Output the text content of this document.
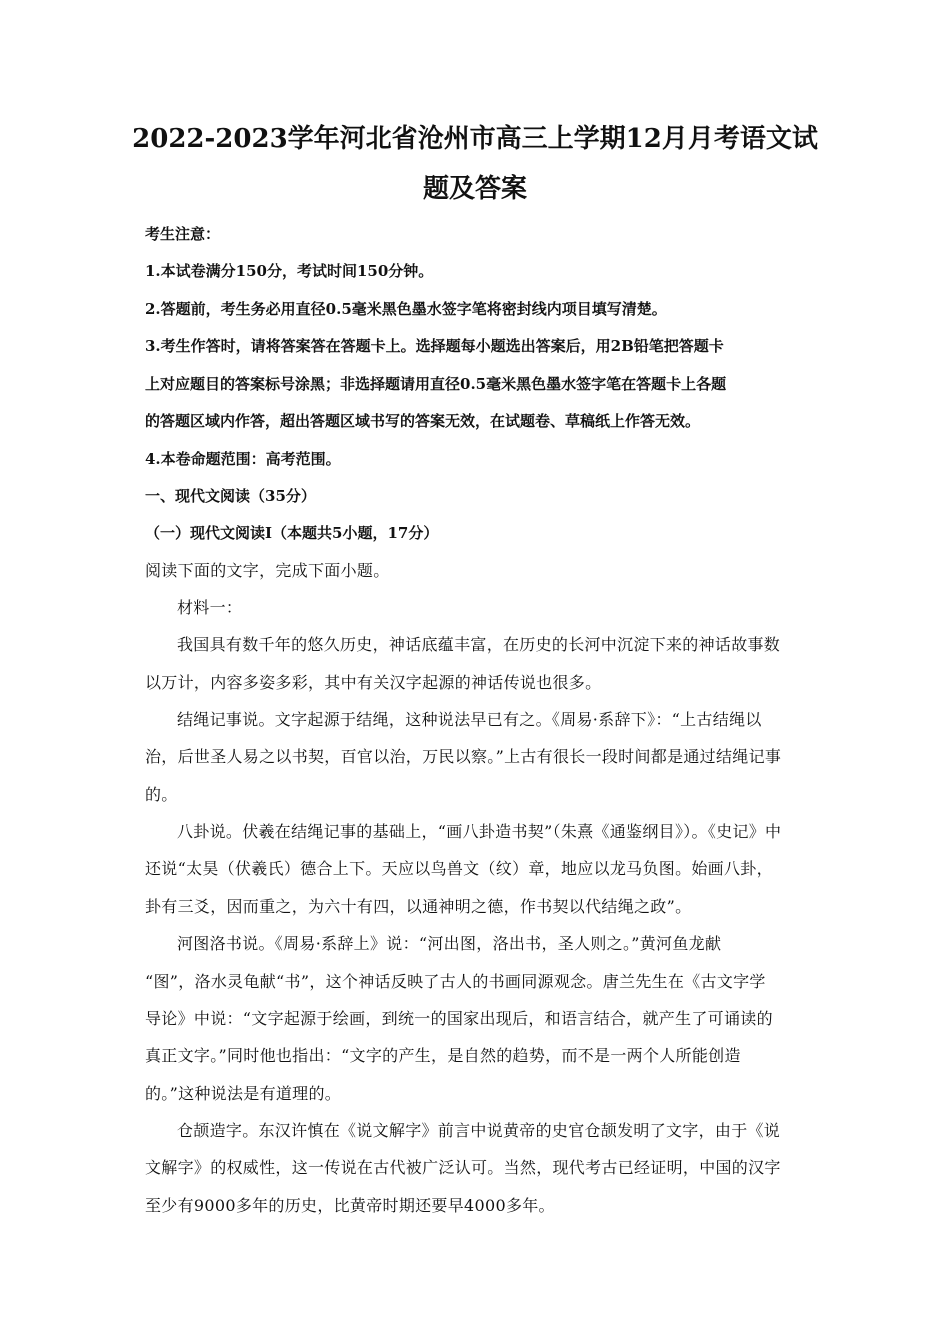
2022-2023学年河北省沧州市高三上学期12月月考语文试
题及答案
考生注意：
1.本试卷满分150分，考试时间150分钟。
2.答题前，考生务必用直径0.5毫米黑色墨水签字笔将密封线内项目填写清楚。
3.考生作答时，请将答案答在答题卡上。选择题每小题选出答案后，用2B铅笔把答题卡
上对应题目的答案标号涂黑；非选择题请用直径0.5毫米黑色墨水签字笔在答题卡上各题
的答题区域内作答，超出答题区域书写的答案无效，在试题卷、草稿纸上作答无效。
4.本卷命题范围：高考范围。
一、现代文阅读（35分）
（一）现代文阅读Ⅰ（本题共5小题，17分）
阅读下面的文字，完成下面小题。
材料一：
我国具有数千年的悠久历史，神话底蕴丰富，在历史的长河中沉淀下来的神话故事数
以万计，内容多姿多彩，其中有关汉字起源的神话传说也很多。
结绳记事说。文字起源于结绳，这种说法早已有之。《周易·系辞下》：“上古结绳以
治，后世圣人易之以书契，百官以治，万民以察。”上古有很长一段时间都是通过结绳记事
的。
八卦说。伏羲在结绳记事的基础上，“画八卦造书契”（朱熹《通鉴纲目》）。《史记》中
还说“太昊（伏羲氏）德合上下。天应以鸟兽文（纹）章，地应以龙马负图。始画八卦，
卦有三爻，因而重之，为六十有四，以通神明之德，作书契以代结绳之政”。
河图洛书说。《周易·系辞上》说：“河出图，洛出书，圣人则之。”黄河鱼龙献
“图”，洛水灵龟献“书”，这个神话反映了古人的书画同源观念。唐兰先生在《古文字学
导论》中说：“文字起源于绘画，到统一的国家出现后，和语言结合，就产生了可诵读的
真正文字。”同时他也指出：“文字的产生，是自然的趋势，而不是一两个人所能创造
的。”这种说法是有道理的。
仓颉造字。东汉许慎在《说文解字》前言中说黄帝的史官仓颉发明了文字，由于《说
文解字》的权威性，这一传说在古代被广泛认可。当然，现代考古已经证明，中国的汉字
至少有9000多年的历史，比黄帝时期还要早4000多年。
